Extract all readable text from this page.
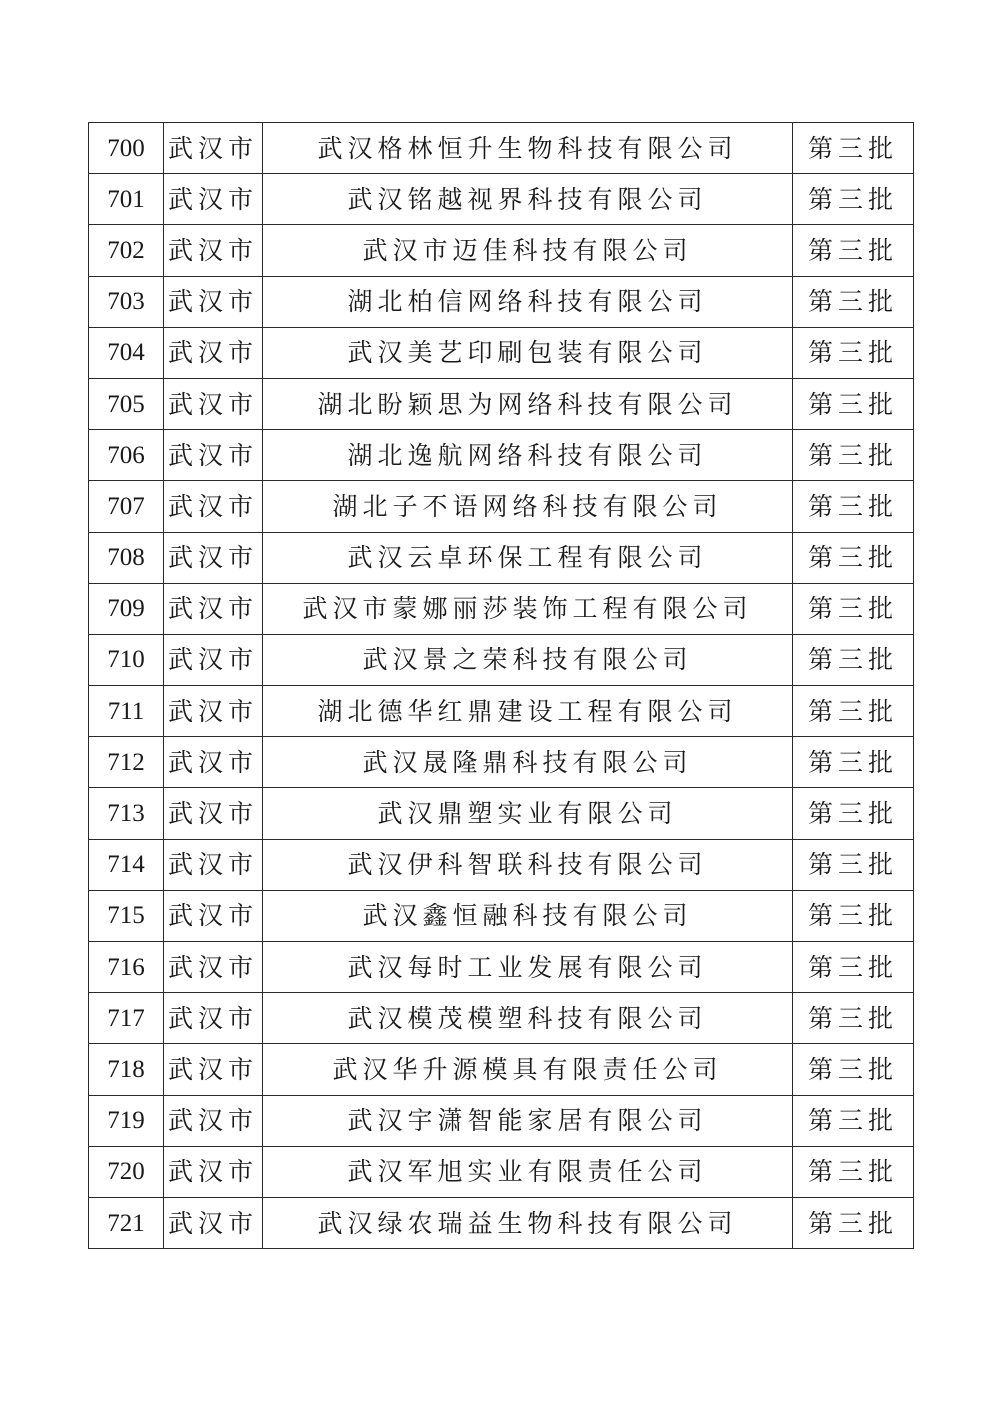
700	武汉市	武汉格林恒升生物科技有限公司	第三批
701	武汉市	武汉铭越视界科技有限公司	第三批
702	武汉市	武汉市迈佳科技有限公司	第三批
703	武汉市	湖北柏信网络科技有限公司	第三批
704	武汉市	武汉美艺印刷包装有限公司	第三批
705	武汉市	湖北盼颖思为网络科技有限公司	第三批
706	武汉市	湖北逸航网络科技有限公司	第三批
707	武汉市	湖北子不语网络科技有限公司	第三批
708	武汉市	武汉云卓环保工程有限公司	第三批
709	武汉市	武汉市蒙娜丽莎装饰工程有限公司	第三批
710	武汉市	武汉景之荣科技有限公司	第三批
711	武汉市	湖北德华红鼎建设工程有限公司	第三批
712	武汉市	武汉晟隆鼎科技有限公司	第三批
713	武汉市	武汉鼎塑实业有限公司	第三批
714	武汉市	武汉伊科智联科技有限公司	第三批
715	武汉市	武汉鑫恒融科技有限公司	第三批
716	武汉市	武汉每时工业发展有限公司	第三批
717	武汉市	武汉模茂模塑科技有限公司	第三批
718	武汉市	武汉华升源模具有限责任公司	第三批
719	武汉市	武汉宇潇智能家居有限公司	第三批
720	武汉市	武汉军旭实业有限责任公司	第三批
721	武汉市	武汉绿农瑞益生物科技有限公司	第三批
